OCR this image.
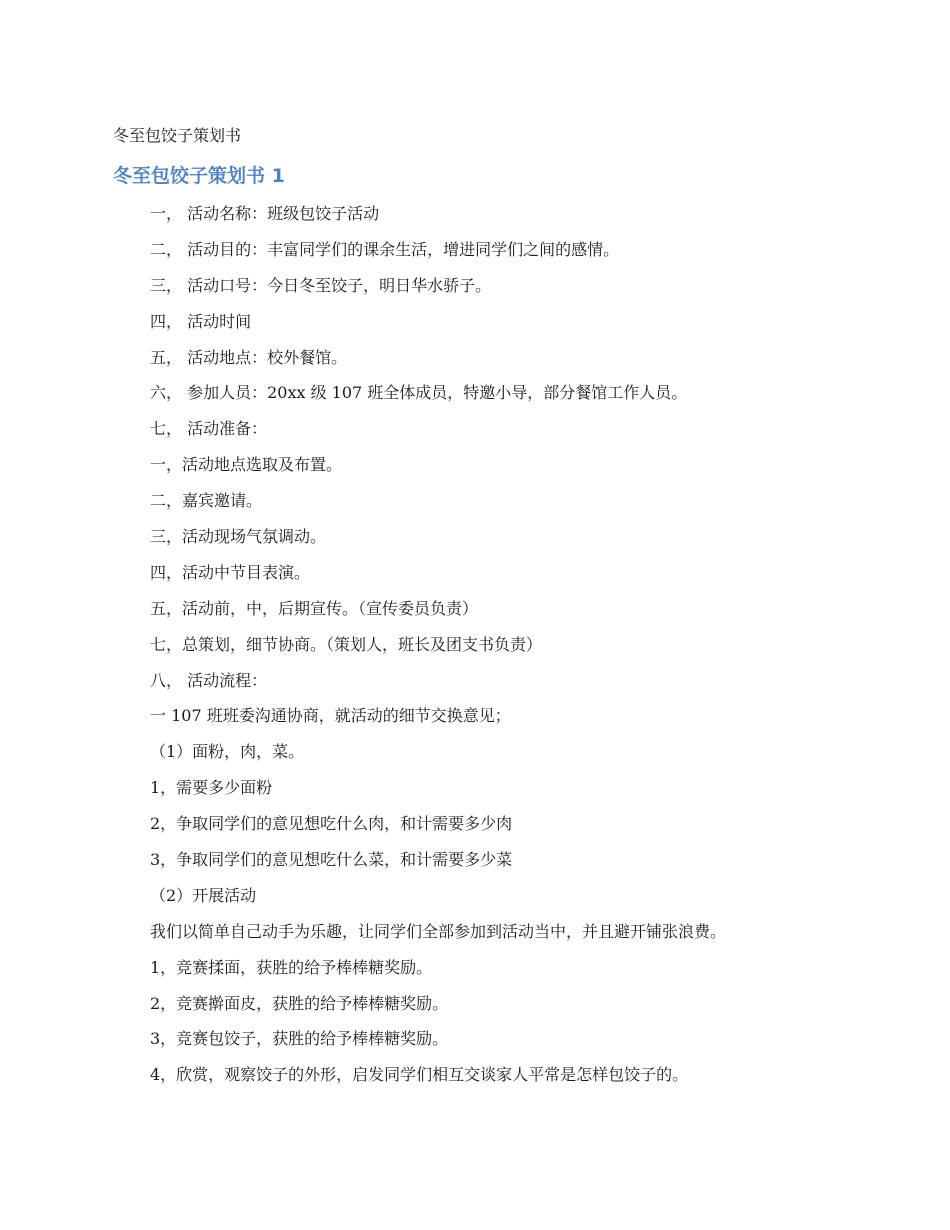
冬至包饺子策划书
冬至包饺子策划书 1
一， 活动名称：班级包饺子活动
二， 活动目的：丰富同学们的课余生活，增进同学们之间的感情。
三， 活动口号：今日冬至饺子，明日华水骄子。
四， 活动时间
五， 活动地点：校外餐馆。
六， 参加人员：20xx 级 107 班全体成员，特邀小导，部分餐馆工作人员。
七， 活动准备：
一，活动地点选取及布置。
二，嘉宾邀请。
三，活动现场气氛调动。
四，活动中节目表演。
五，活动前，中，后期宣传。（宣传委员负责）
七，总策划，细节协商。（策划人，班长及团支书负责）
八， 活动流程：
一 107 班班委沟通协商，就活动的细节交换意见；
（1）面粉，肉，菜。
1，需要多少面粉
2，争取同学们的意见想吃什么肉，和计需要多少肉
3，争取同学们的意见想吃什么菜，和计需要多少菜
（2）开展活动
我们以简单自己动手为乐趣，让同学们全部参加到活动当中，并且避开铺张浪费。
1，竞赛揉面，获胜的给予棒棒糖奖励。
2，竞赛擀面皮，获胜的给予棒棒糖奖励。
3，竞赛包饺子，获胜的给予棒棒糖奖励。
4，欣赏，观察饺子的外形，启发同学们相互交谈家人平常是怎样包饺子的。
